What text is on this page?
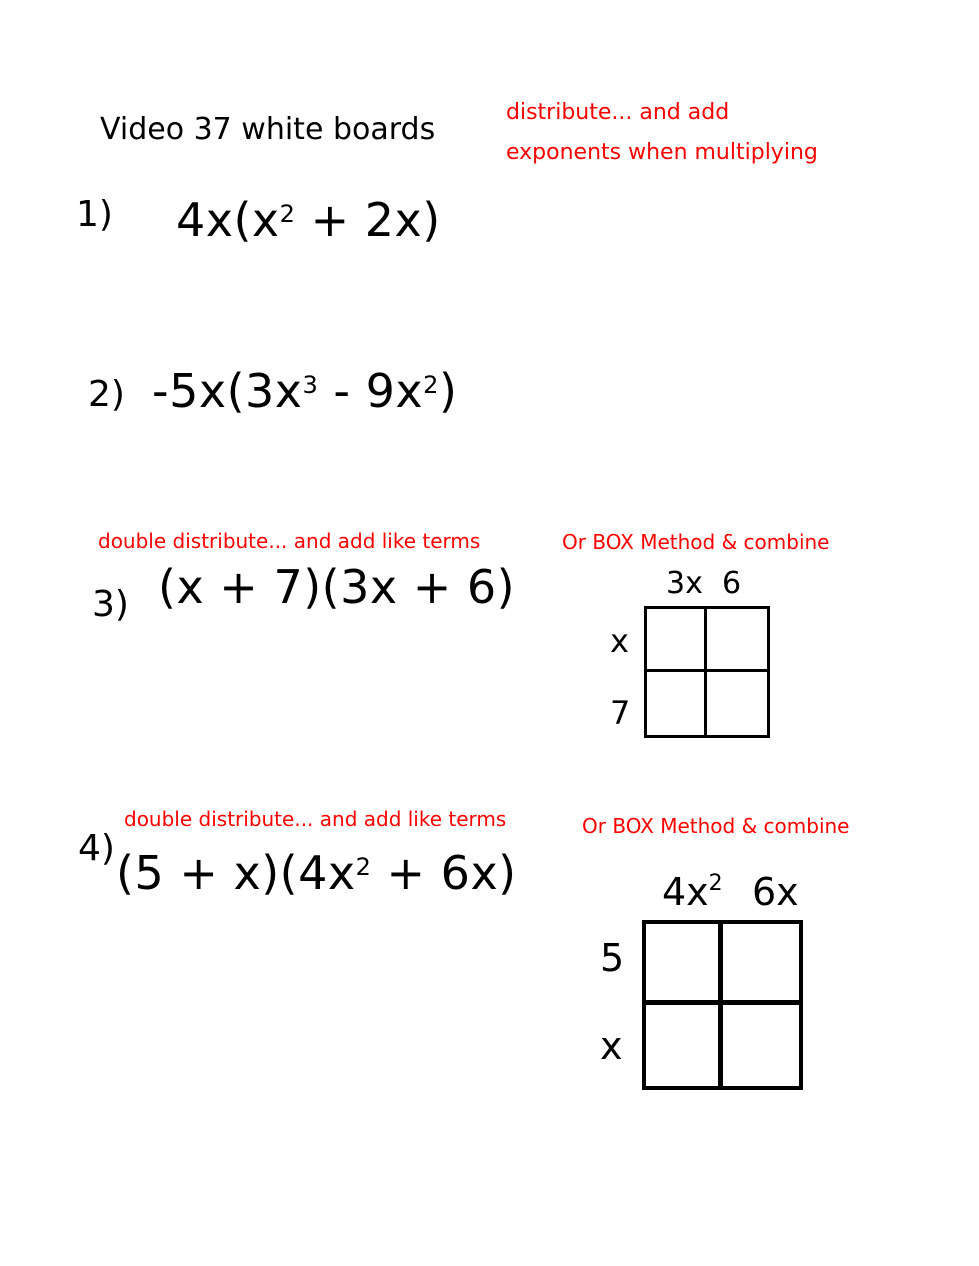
Video 37 white boards	distribute... and add
exponents when multiplying
1) $4x(x^2 + 2x)$
2) $-5x(3x^3 - 9x^2)$
double distribute... and add like terms
3) (x + 7)(3x + 6)
Or BOX Method & combine
3x 6
x
7
double distribute... and add like terms
4) $(5 + x)(4x^2 + 6x)$
Or BOX Method & combine
$4x^2$ 6x
5
x
